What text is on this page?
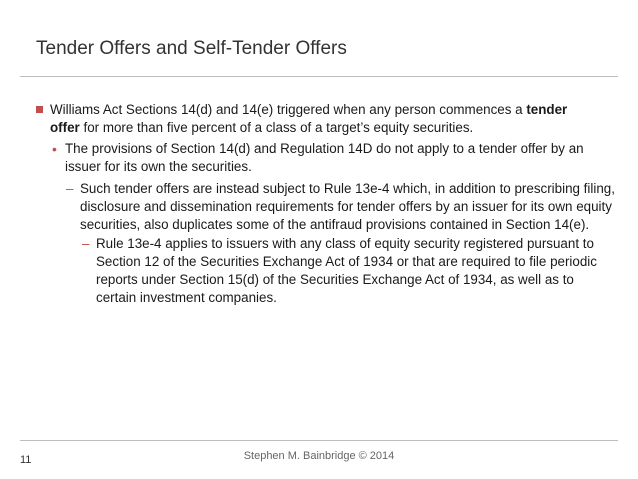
Tender Offers and Self-Tender Offers

Williams Act Sections 14(d) and 14(e) triggered when any person commences a tender
offer for more than five percent of a class of a target’s equity securities.

• The provisions of Section 14(d) and Regulation 14D do not apply to a tender offer by an issuer for its own the securities.

– Such tender offers are instead subject to Rule 13e-4 which, in addition to prescribing filing, disclosure and dissemination requirements for tender offers by an issuer for its own equity securities, also duplicates some of the antifraud provisions contained in Section 14(e).

– Rule 13e-4 applies to issuers with any class of equity security registered pursuant to Section 12 of the Securities Exchange Act of 1934 or that are required to file periodic reports under Section 15(d) of the Securities Exchange Act of 1934, as well as to certain investment companies.

Stephen M. Bainbridge © 2014
11
